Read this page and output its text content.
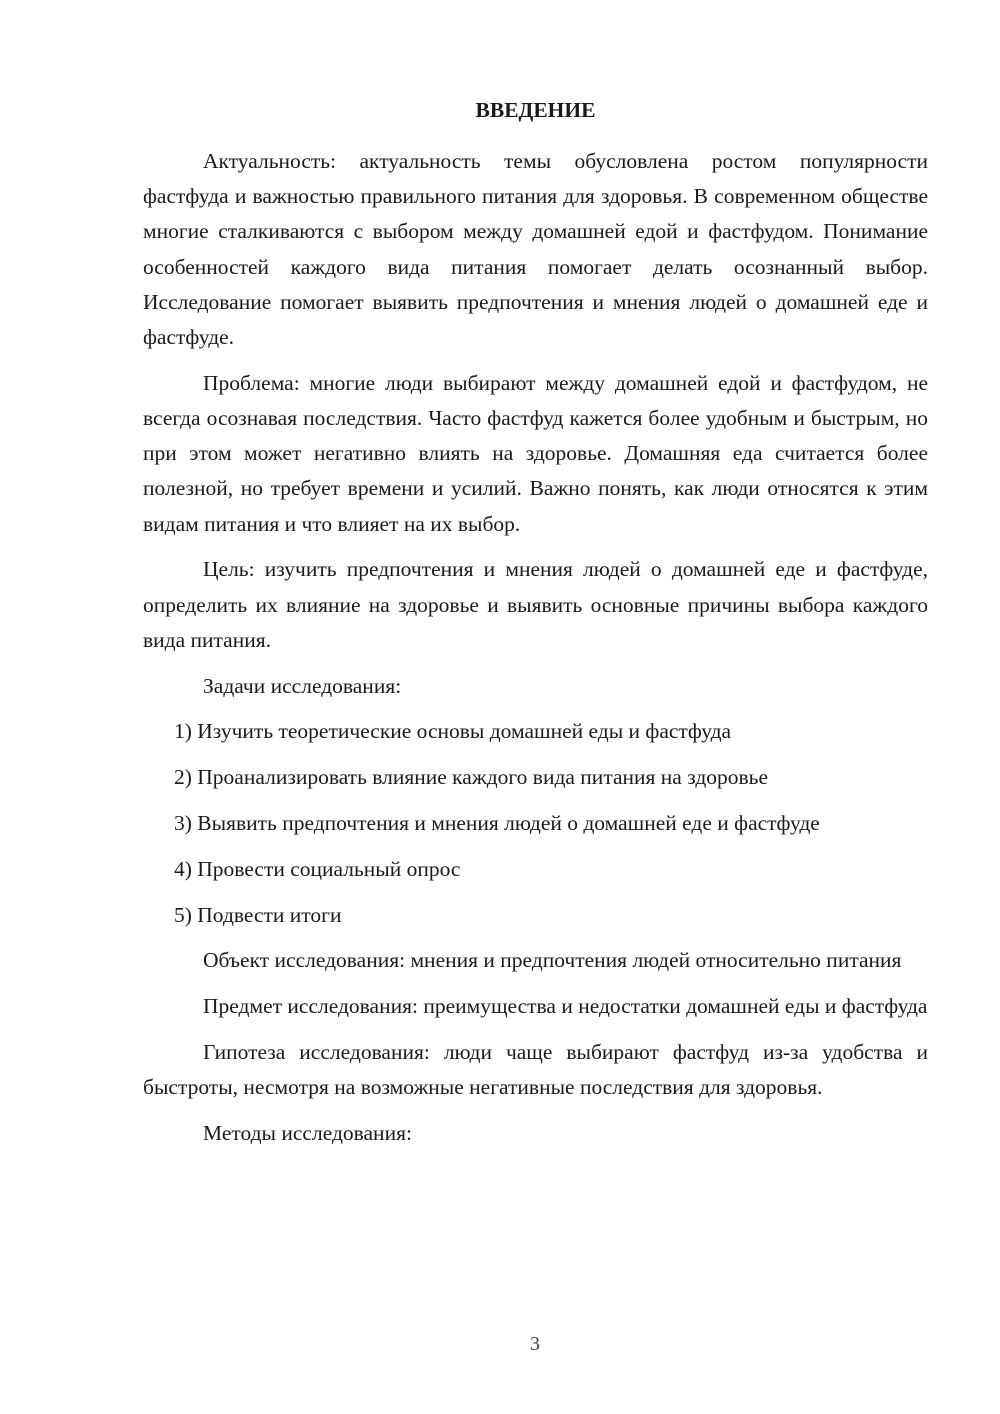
ВВЕДЕНИЕ

Актуальность: актуальность темы обусловлена ростом популярности фастфуда и важностью правильного питания для здоровья. В современном обществе многие сталкиваются с выбором между домашней едой и фастфудом. Понимание особенностей каждого вида питания помогает делать осознанный выбор. Исследование помогает выявить предпочтения и мнения людей о домашней еде и фастфуде.

Проблема: многие люди выбирают между домашней едой и фастфудом, не всегда осознавая последствия. Часто фастфуд кажется более удобным и быстрым, но при этом может негативно влиять на здоровье. Домашняя еда считается более полезной, но требует времени и усилий. Важно понять, как люди относятся к этим видам питания и что влияет на их выбор.

Цель: изучить предпочтения и мнения людей о домашней еде и фастфуде, определить их влияние на здоровье и выявить основные причины выбора каждого вида питания.

Задачи исследования:

1) Изучить теоретические основы домашней еды и фастфуда
2) Проанализировать влияние каждого вида питания на здоровье
3) Выявить предпочтения и мнения людей о домашней еде и фастфуде
4) Провести социальный опрос
5) Подвести итоги

Объект исследования: мнения и предпочтения людей относительно питания

Предмет исследования: преимущества и недостатки домашней еды и фастфуда

Гипотеза исследования: люди чаще выбирают фастфуд из-за удобства и быстроты, несмотря на возможные негативные последствия для здоровья.

Методы исследования:

3
